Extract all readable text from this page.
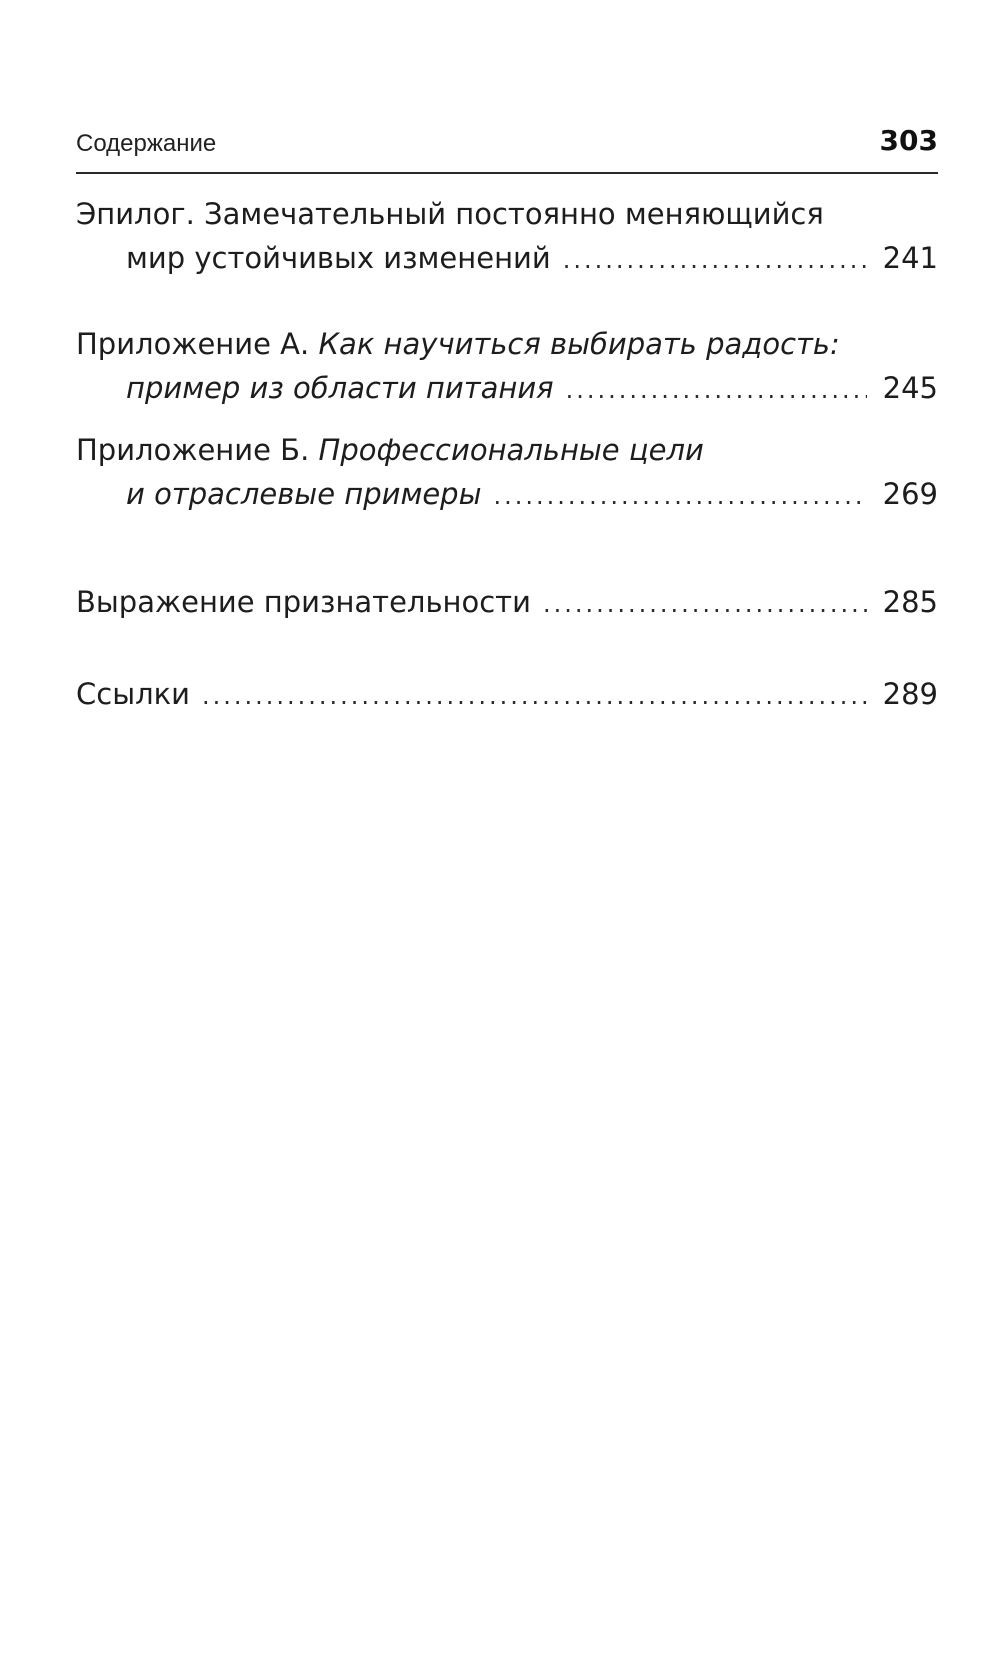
Содержание	303
Эпилог. Замечательный постоянно меняющийся
мир устойчивых изменений .....	241
Приложение А. Как научиться выбирать радость:
пример из области питания .....	245
Приложение Б. Профессиональные цели
и отраслевые примеры .....	269
Выражение признательности .....	285
Ссылки .....	289
